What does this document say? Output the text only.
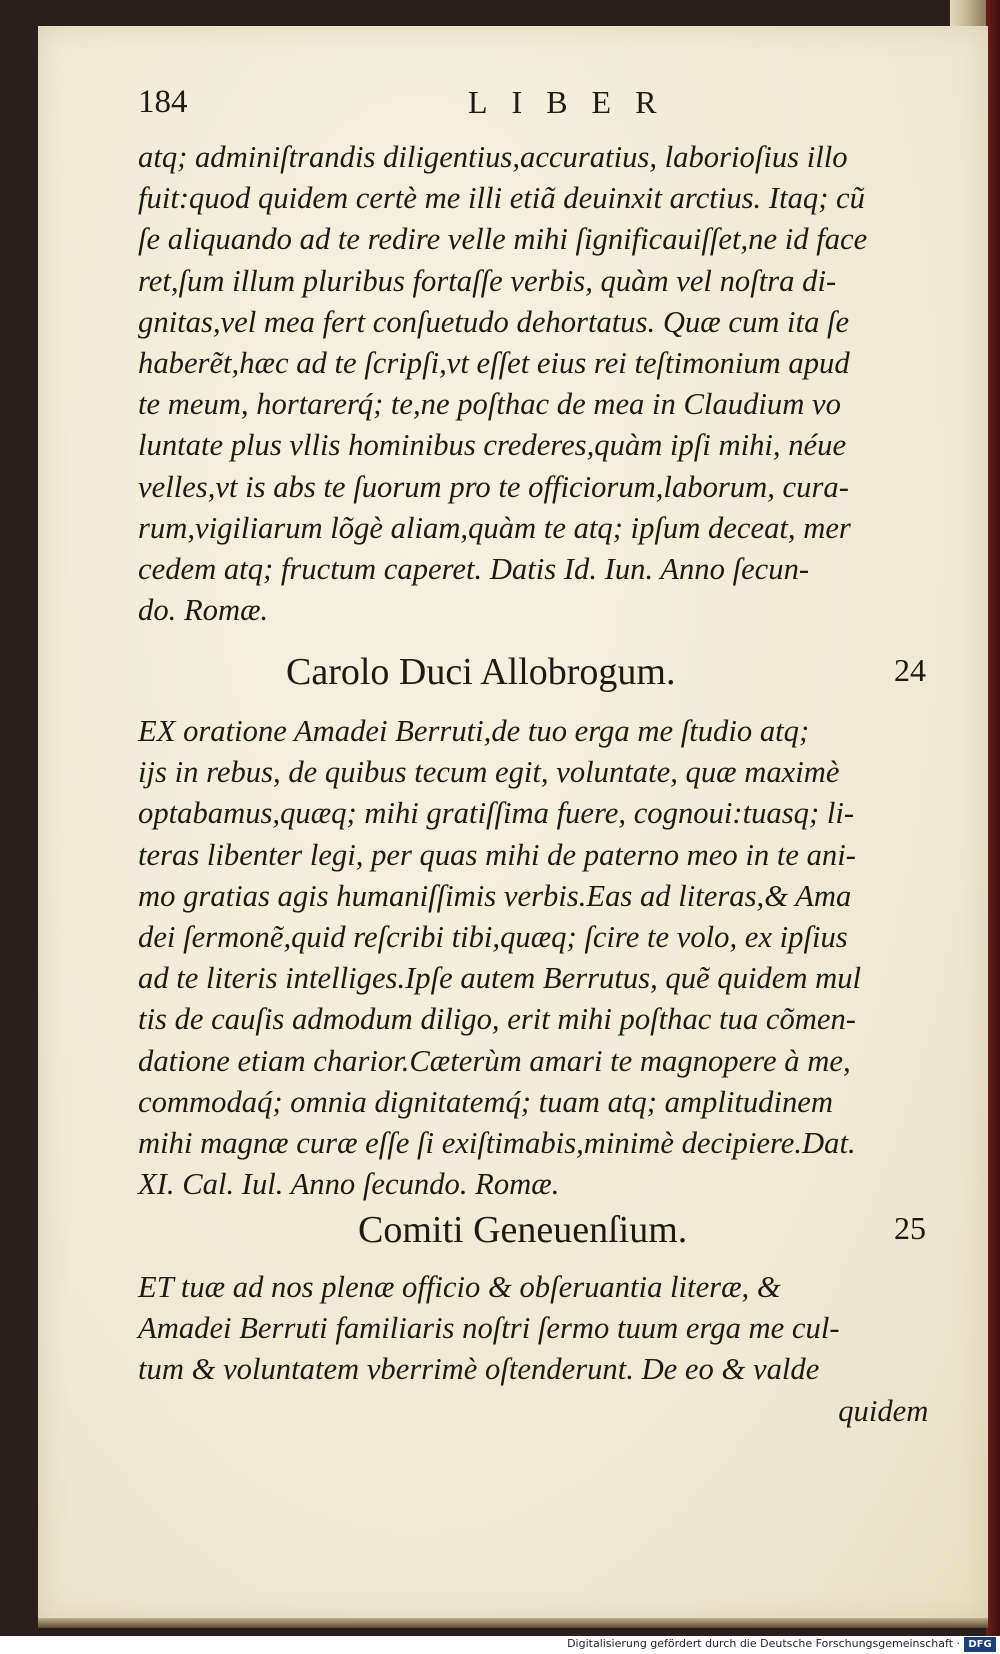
184	LIBER

atq; adminiſtrandis diligentius,accuratius, laborioſius illo

fuit:quod quidem certè me illi etiã deuinxit arctius. Itaq; cũ

ſe aliquando ad te redire velle mihi ſignificauiſſet,ne id face

ret,ſum illum pluribus fortaſſe verbis, quàm vel noſtra di-

gnitas,vel mea fert conſuetudo dehortatus. Quæ cum ita ſe

haberẽt,hæc ad te ſcripſi,vt eſſet eius rei teſtimonium apud

te meum, hortarerq́; te,ne poſthac de mea in Claudium vo

luntate plus vllis hominibus crederes,quàm ipſi mihi, néue

velles,vt is abs te ſuorum pro te officiorum,laborum, cura-

rum,vigiliarum lõgè aliam,quàm te atq; ipſum deceat, mer

cedem atq; fructum caperet. Datis Id. Iun. Anno ſecun-

do. Romæ.

Carolo Duci Allobrogum.	24

EX oratione Amadei Berruti,de tuo erga me ſtudio atq;

ijs in rebus, de quibus tecum egit, voluntate, quæ maximè

optabamus,quæq; mihi gratiſſima fuere, cognoui:tuasq; li-

teras libenter legi, per quas mihi de paterno meo in te ani-

mo gratias agis humaniſſimis verbis.Eas ad literas,& Ama

dei ſermonẽ,quid reſcribi tibi,quæq; ſcire te volo, ex ipſius

ad te literis intelliges.Ipſe autem Berrutus, quẽ quidem mul

tis de cauſis admodum diligo, erit mihi poſthac tua cõmen-

datione etiam charior.Cæterùm amari te magnopere à me,

commodaq́; omnia dignitatemq́; tuam atq; amplitudinem

mihi magnæ curæ eſſe ſi exiſtimabis,minimè decipiere.Dat.

XI. Cal. Iul. Anno ſecundo. Romæ.

Comiti Geneuenſium.	25

ET tuæ ad nos plenæ officio & obſeruantia literæ, &

Amadei Berruti familiaris noſtri ſermo tuum erga me cul-

tum & voluntatem vberrimè oſtenderunt. De eo & valde

quidem

Digitalisierung gefördert durch die Deutsche Forschungsgemeinschaft · DFG
